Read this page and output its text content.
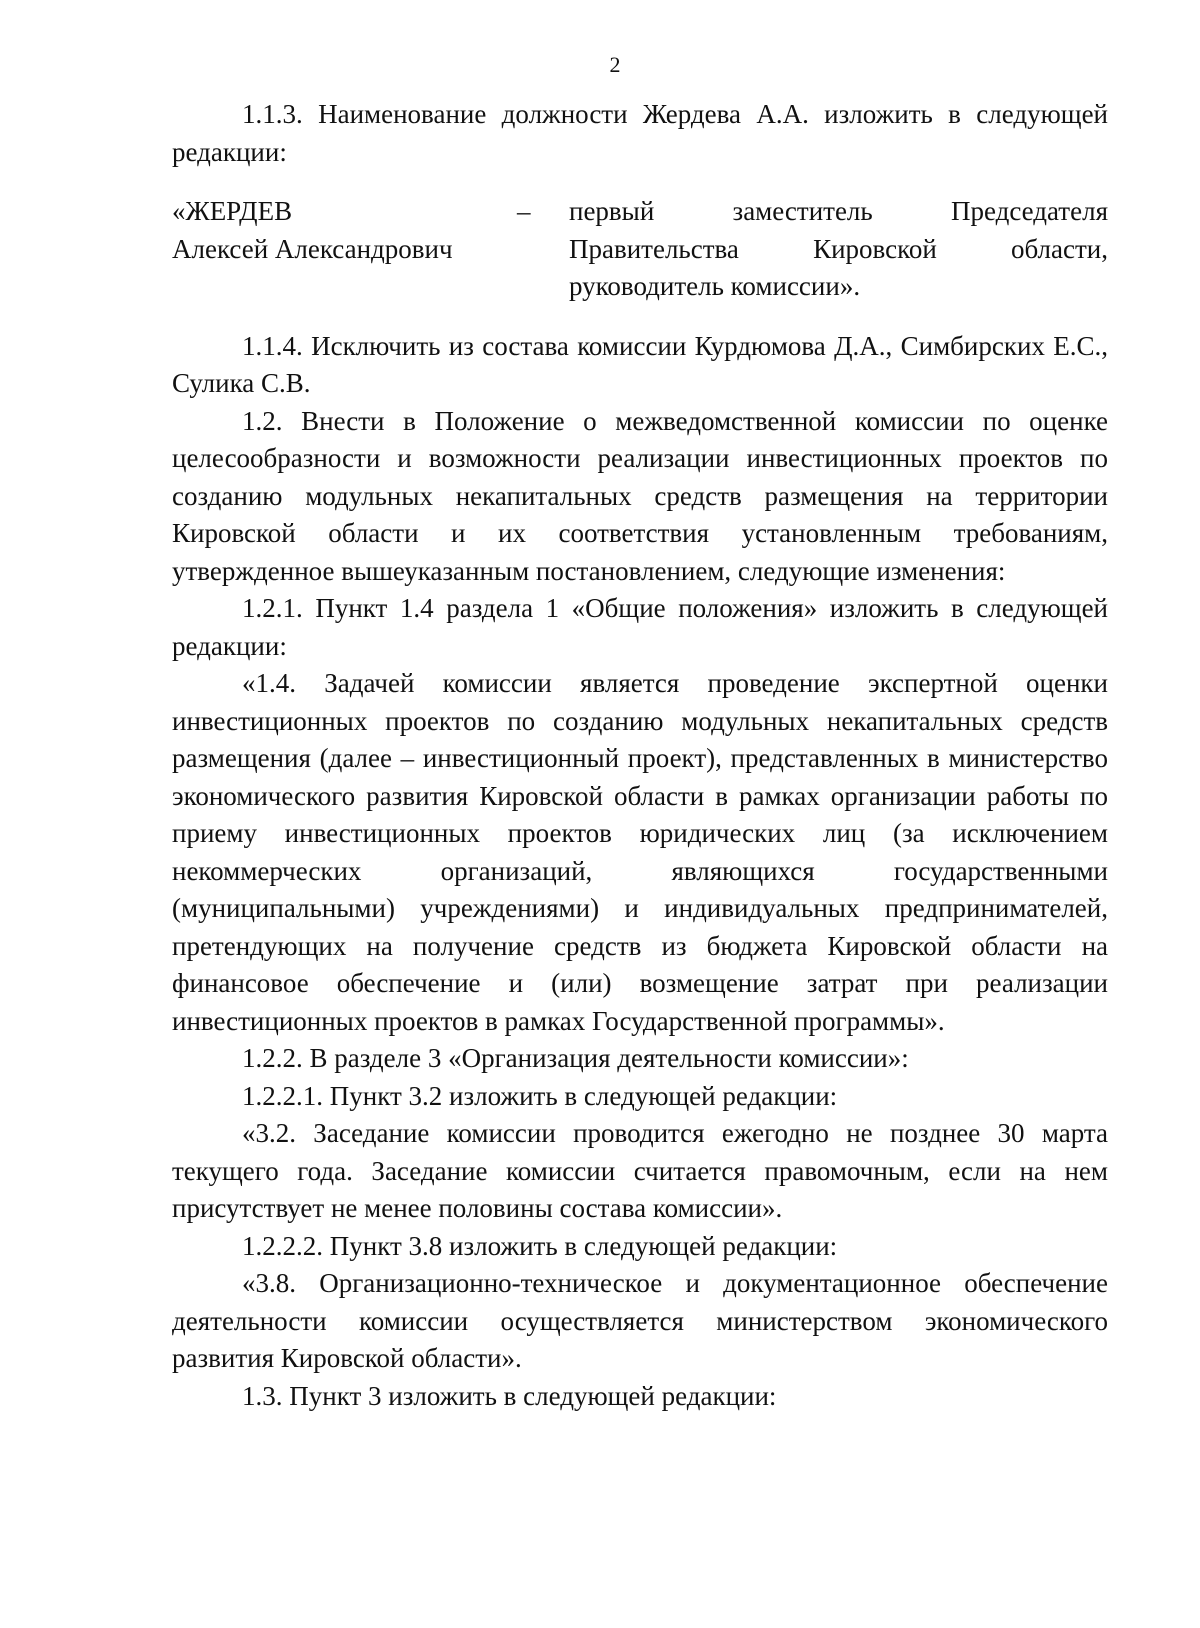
2

1.1.3. Наименование должности Жердева А.А. изложить в следующей редакции:

«ЖЕРДЕВ
Алексей Александрович
–	первый заместитель Председателя
Правительства Кировской области,
руководитель комиссии».

1.1.4. Исключить из состава комиссии Курдюмова Д.А., Симбирских Е.С., Сулика С.В.

1.2. Внести в Положение о межведомственной комиссии по оценке целесообразности и возможности реализации инвестиционных проектов по созданию модульных некапитальных средств размещения на территории Кировской области и их соответствия установленным требованиям, утвержденное вышеуказанным постановлением, следующие изменения:

1.2.1. Пункт 1.4 раздела 1 «Общие положения» изложить в следующей редакции:

«1.4. Задачей комиссии является проведение экспертной оценки инвестиционных проектов по созданию модульных некапитальных средств размещения (далее – инвестиционный проект), представленных в министерство экономического развития Кировской области в рамках организации работы по приему инвестиционных проектов юридических лиц (за исключением некоммерческих организаций, являющихся государственными (муниципальными) учреждениями) и индивидуальных предпринимателей, претендующих на получение средств из бюджета Кировской области на финансовое обеспечение и (или) возмещение затрат при реализации инвестиционных проектов в рамках Государственной программы».

1.2.2. В разделе 3 «Организация деятельности комиссии»:

1.2.2.1. Пункт 3.2 изложить в следующей редакции:

«3.2. Заседание комиссии проводится ежегодно не позднее 30 марта текущего года. Заседание комиссии считается правомочным, если на нем присутствует не менее половины состава комиссии».

1.2.2.2. Пункт 3.8 изложить в следующей редакции:

«3.8. Организационно-техническое и документационное обеспечение деятельности комиссии осуществляется министерством экономического развития Кировской области».

1.3. Пункт 3 изложить в следующей редакции:
